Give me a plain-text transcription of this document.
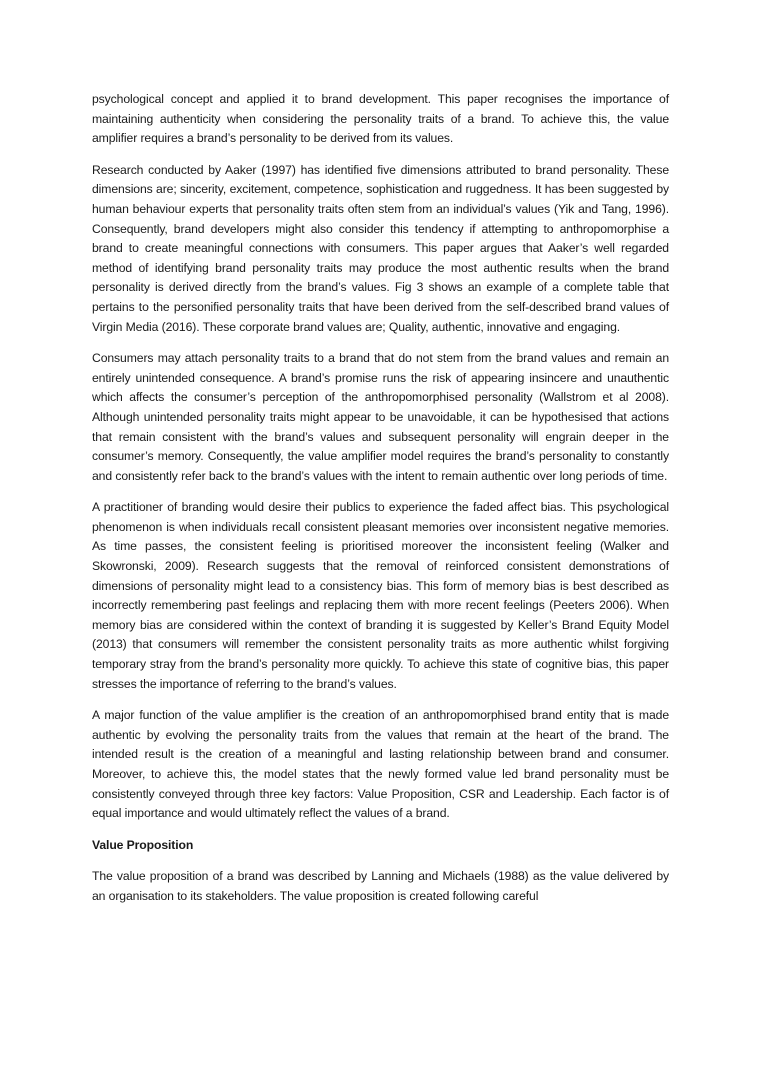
psychological concept and applied it to brand development. This paper recognises the importance of maintaining authenticity when considering the personality traits of a brand. To achieve this, the value amplifier requires a brand’s personality to be derived from its values.

Research conducted by Aaker (1997) has identified five dimensions attributed to brand personality. These dimensions are; sincerity, excitement, competence, sophistication and ruggedness. It has been suggested by human behaviour experts that personality traits often stem from an individual’s values (Yik and Tang, 1996). Consequently, brand developers might also consider this tendency if attempting to anthropomorphise a brand to create meaningful connections with consumers. This paper argues that Aaker’s well regarded method of identifying brand personality traits may produce the most authentic results when the brand personality is derived directly from the brand’s values. Fig 3 shows an example of a complete table that pertains to the personified personality traits that have been derived from the self-described brand values of Virgin Media (2016). These corporate brand values are; Quality, authentic, innovative and engaging.

Consumers may attach personality traits to a brand that do not stem from the brand values and remain an entirely unintended consequence. A brand’s promise runs the risk of appearing insincere and unauthentic which affects the consumer’s perception of the anthropomorphised personality (Wallstrom et al 2008). Although unintended personality traits might appear to be unavoidable, it can be hypothesised that actions that remain consistent with the brand’s values and subsequent personality will engrain deeper in the consumer’s memory. Consequently, the value amplifier model requires the brand’s personality to constantly and consistently refer back to the brand’s values with the intent to remain authentic over long periods of time.

A practitioner of branding would desire their publics to experience the faded affect bias. This psychological phenomenon is when individuals recall consistent pleasant memories over inconsistent negative memories. As time passes, the consistent feeling is prioritised moreover the inconsistent feeling (Walker and Skowronski, 2009). Research suggests that the removal of reinforced consistent demonstrations of dimensions of personality might lead to a consistency bias. This form of memory bias is best described as incorrectly remembering past feelings and replacing them with more recent feelings (Peeters 2006). When memory bias are considered within the context of branding it is suggested by Keller’s Brand Equity Model (2013) that consumers will remember the consistent personality traits as more authentic whilst forgiving temporary stray from the brand’s personality more quickly. To achieve this state of cognitive bias, this paper stresses the importance of referring to the brand’s values.

A major function of the value amplifier is the creation of an anthropomorphised brand entity that is made authentic by evolving the personality traits from the values that remain at the heart of the brand. The intended result is the creation of a meaningful and lasting relationship between brand and consumer. Moreover, to achieve this, the model states that the newly formed value led brand personality must be consistently conveyed through three key factors: Value Proposition, CSR and Leadership. Each factor is of equal importance and would ultimately reflect the values of a brand.

Value Proposition

The value proposition of a brand was described by Lanning and Michaels (1988) as the value delivered by an organisation to its stakeholders. The value proposition is created following careful
